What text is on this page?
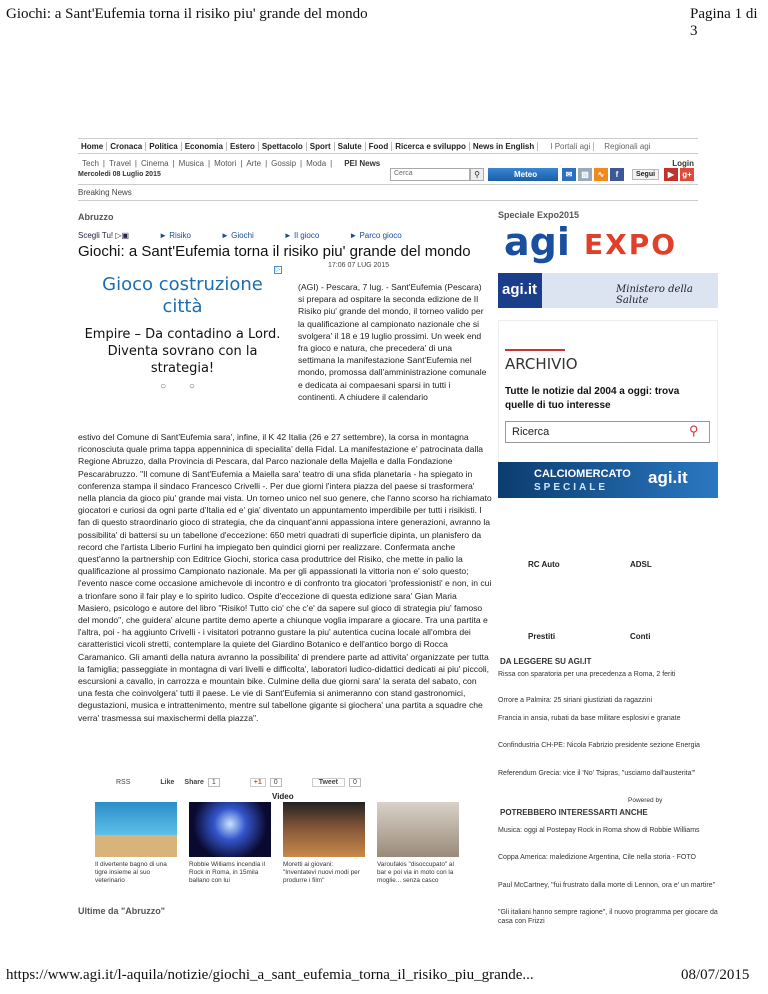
Giochi: a Sant'Eufemia torna il risiko piu' grande del mondo	Pagina 1 di 3
https://www.agi.it/l-aquila/notizie/giochi_a_sant_eufemia_torna_il_risiko_piu_grande...	08/07/2015
Home Cronaca Politica Economia Estero Spettacolo Sport Salute Food Ricerca e sviluppo News in English	I Portali agi	Regionali agi
Tech | Travel | Cinema | Musica | Motori | Arte | Gossip | Moda |	PEI News	Login
Mercoledi 08 Luglio 2015	Cerca	⚲	Meteo	✉	▧	∿	f	Segui	▶	g+
Breaking News
Abruzzo	Speciale Expo2015
Scegli Tu! ▷▣	► Risiko	► Giochi	► Il gioco	► Parco gioco
Giochi: a Sant'Eufemia torna il risiko piu' grande del mondo
17:06 07 LUG 2015
▷
Gioco costruzione città
Empire – Da contadino a Lord. Diventa sovrano con la strategia!
○ ○
(AGI) - Pescara, 7 lug. - Sant'Eufemia (Pescara) si prepara ad ospitare la seconda edizione de Il Risiko piu' grande del mondo, il torneo valido per la qualificazione al campionato nazionale che si svolgera' il 18 e 19 luglio prossimi. Un week end fra gioco e natura, che precedera' di una settimana la manifestazione Sant'Eufemia nel mondo, promossa dall'amministrazione comunale e dedicata ai compaesani sparsi in tutti i continenti. A chiudere il calendario
estivo del Comune di Sant'Eufemia sara', infine, il K 42 Italia (26 e 27 settembre), la corsa in montagna riconosciuta quale prima tappa appenninica di specialita' della Fidal. La manifestazione e' patrocinata dalla Regione Abruzzo, dalla Provincia di Pescara, dal Parco nazionale della Majella e dalla Fondazione Pescarabruzzo. "Il comune di Sant'Eufemia a Maiella sara' teatro di una sfida planetaria - ha spiegato in conferenza stampa il sindaco Francesco Crivelli -. Per due giorni l'intera piazza del paese si trasformera' nella plancia da gioco piu' grande mai vista. Un torneo unico nel suo genere, che l'anno scorso ha richiamato giocatori e curiosi da ogni parte d'Italia ed e' gia' diventato un appuntamento imperdibile per tutti i risikisti. I fan di questo straordinario gioco di strategia, che da cinquant'anni appassiona intere generazioni, avranno la possibilita' di battersi su un tabellone d'eccezione: 650 metri quadrati di superficie dipinta, un planisfero da record che l'artista Liberio Furlini ha impiegato ben quindici giorni per realizzare. Confermata anche quest'anno la partnership con Editrice Giochi, storica casa produttrice del Risiko, che mette in palio la qualificazione al prossimo Campionato nazionale. Ma per gli appassionati la vittoria non e' solo questo; l'evento nasce come occasione amichevole di incontro e di confronto tra giocatori 'professionisti' e non, in cui a trionfare sono il fair play e lo spirito ludico. Ospite d'eccezione di questa edizione sara' Gian Maria Masiero, psicologo e autore del libro "Risiko! Tutto cio' che c'e' da sapere sul gioco di strategia piu' famoso del mondo", che guidera' alcune partite demo aperte a chiunque voglia imparare a giocare. Tra una partita e l'altra, poi - ha aggiunto Crivelli - i visitatori potranno gustare la piu' autentica cucina locale all'ombra dei caratteristici vicoli stretti, contemplare la quiete del Giardino Botanico e dell'antico borgo di Rocca Caramanico. Gli amanti della natura avranno la possibilita' di prendere parte ad attivita' organizzate per tutta la famiglia; passeggiate in montagna di vari livelli e difficolta', laboratori ludico-didattici dedicati ai piu' piccoli, escursioni a cavallo, in carrozza e mountain bike. Culmine della due giorni sara' la serata del sabato, con una festa che coinvolgera' tutti il paese. Le vie di Sant'Eufemia si animeranno con stand gastronomici, degustazioni, musica e intrattenimento, mentre sul tabellone gigante si giochera' una partita a squadre che verra' trasmessa sui maxischermi della piazza".
RSS	Like Share	1	+1	0	Tweet	0
Video
Il divertente bagno di una tigre insieme al suo veterinario
Robbie Williams incendia il Rock in Roma, in 15mila ballano con lui
Moretti ai giovani: "Inventatevi nuovi modi per produrre i film"
Varoufakis "disoccupato" al bar e poi via in moto con la moglie... senza casco
Ultime da "Abruzzo"
agi EXPO
agi.it	Ministero della Salute
ARCHIVIO
Tutte le notizie dal 2004 a oggi: trova quelle di tuo interesse
Ricerca	⚲
CALCIOMERCATO
SPECIALE
agi.it
RC Auto	ADSL
Prestiti	Conti
DA LEGGERE SU AGI.IT
Rissa con sparatoria per una precedenza a Roma, 2 feriti
Orrore a Palmira: 25 siriani giustiziati da ragazzini
Francia in ansia, rubati da base militare esplosivi e granate
Confindustria CH-PE: Nicola Fabrizio presidente sezione Energia
Referendum Grecia: vice il 'No' Tsipras, "usciamo dall'austerita'"
Powered by
POTREBBERO INTERESSARTI ANCHE
Musica: oggi al Postepay Rock in Roma show di Robbie Williams
Coppa America: maledizione Argentina, Cile nella storia - FOTO
Paul McCartney, "fui frustrato dalla morte di Lennon, ora e' un martire"
"Gli italiani hanno sempre ragione", il nuovo programma per giocare da casa con Frizzi
